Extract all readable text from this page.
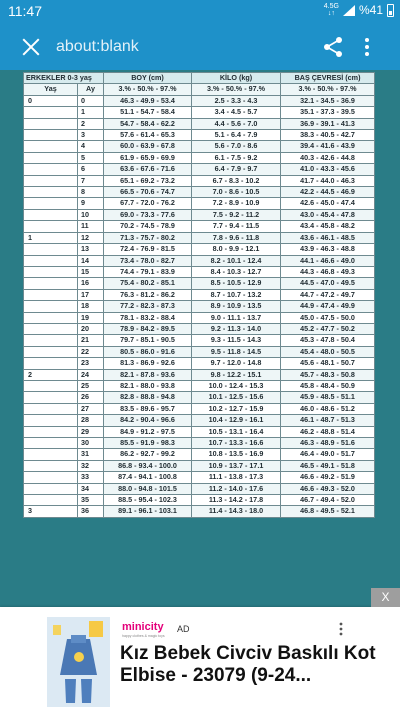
11:47	4.5G
↓↑	%41
about:blank
ERKEKLER 0-3 yaş		BOY (cm)	KİLO (kg)	BAŞ ÇEVRESİ (cm)
Yaş	Ay	3.% - 50.% - 97.%	3.% - 50.% - 97.%	3.% - 50.% - 97.%
0	0	46.3 - 49.9 - 53.4	2.5 - 3.3 - 4.3	32.1 - 34.5 - 36.9
	1	51.1 - 54.7 - 58.4	3.4 - 4.5 - 5.7	35.1 - 37.3 - 39.5
	2	54.7 - 58.4 - 62.2	4.4 - 5.6 - 7.0	36.9 - 39.1 - 41.3
	3	57.6 - 61.4 - 65.3	5.1 - 6.4 - 7.9	38.3 - 40.5 - 42.7
	4	60.0 - 63.9 - 67.8	5.6 - 7.0 - 8.6	39.4 - 41.6 - 43.9
	5	61.9 - 65.9 - 69.9	6.1 - 7.5 - 9.2	40.3 - 42.6 - 44.8
	6	63.6 - 67.6 - 71.6	6.4 - 7.9 - 9.7	41.0 - 43.3 - 45.6
	7	65.1 - 69.2 - 73.2	6.7 - 8.3 - 10.2	41.7 - 44.0 - 46.3
	8	66.5 - 70.6 - 74.7	7.0 - 8.6 - 10.5	42.2 - 44.5 - 46.9
	9	67.7 - 72.0 - 76.2	7.2 - 8.9 - 10.9	42.6 - 45.0 - 47.4
	10	69.0 - 73.3 - 77.6	7.5 - 9.2 - 11.2	43.0 - 45.4 - 47.8
	11	70.2 - 74.5 - 78.9	7.7 - 9.4 - 11.5	43.4 - 45.8 - 48.2
1	12	71.3 - 75.7 - 80.2	7.8 - 9.6 - 11.8	43.6 - 46.1 - 48.5
	13	72.4 - 76.9 - 81.5	8.0 - 9.9 - 12.1	43.9 - 46.3 - 48.8
	14	73.4 - 78.0 - 82.7	8.2 - 10.1 - 12.4	44.1 - 46.6 - 49.0
	15	74.4 - 79.1 - 83.9	8.4 - 10.3 - 12.7	44.3 - 46.8 - 49.3
	16	75.4 - 80.2 - 85.1	8.5 - 10.5 - 12.9	44.5 - 47.0 - 49.5
	17	76.3 - 81.2 - 86.2	8.7 - 10.7 - 13.2	44.7 - 47.2 - 49.7
	18	77.2 - 82.3 - 87.3	8.9 - 10.9 - 13.5	44.9 - 47.4 - 49.9
	19	78.1 - 83.2 - 88.4	9.0 - 11.1 - 13.7	45.0 - 47.5 - 50.0
	20	78.9 - 84.2 - 89.5	9.2 - 11.3 - 14.0	45.2 - 47.7 - 50.2
	21	79.7 - 85.1 - 90.5	9.3 - 11.5 - 14.3	45.3 - 47.8 - 50.4
	22	80.5 - 86.0 - 91.6	9.5 - 11.8 - 14.5	45.4 - 48.0 - 50.5
	23	81.3 - 86.9 - 92.6	9.7 - 12.0 - 14.8	45.6 - 48.1 - 50.7
2	24	82.1 - 87.8 - 93.6	9.8 - 12.2 - 15.1	45.7 - 48.3 - 50.8
	25	82.1 - 88.0 - 93.8	10.0 - 12.4 - 15.3	45.8 - 48.4 - 50.9
	26	82.8 - 88.8 - 94.8	10.1 - 12.5 - 15.6	45.9 - 48.5 - 51.1
	27	83.5 - 89.6 - 95.7	10.2 - 12.7 - 15.9	46.0 - 48.6 - 51.2
	28	84.2 - 90.4 - 96.6	10.4 - 12.9 - 16.1	46.1 - 48.7 - 51.3
	29	84.9 - 91.2 - 97.5	10.5 - 13.1 - 16.4	46.2 - 48.8 - 51.4
	30	85.5 - 91.9 - 98.3	10.7 - 13.3 - 16.6	46.3 - 48.9 - 51.6
	31	86.2 - 92.7 - 99.2	10.8 - 13.5 - 16.9	46.4 - 49.0 - 51.7
	32	86.8 - 93.4 - 100.0	10.9 - 13.7 - 17.1	46.5 - 49.1 - 51.8
	33	87.4 - 94.1 - 100.8	11.1 - 13.8 - 17.3	46.6 - 49.2 - 51.9
	34	88.0 - 94.8 - 101.5	11.2 - 14.0 - 17.6	46.6 - 49.3 - 52.0
	35	88.5 - 95.4 - 102.3	11.3 - 14.2 - 17.8	46.7 - 49.4 - 52.0
3	36	89.1 - 96.1 - 103.1	11.4 - 14.3 - 18.0	46.8 - 49.5 - 52.1
X
minicity
happy clothes & magic toys
AD
Kız Bebek Civciv Baskılı Kot Elbise - 23079 (9-24...
